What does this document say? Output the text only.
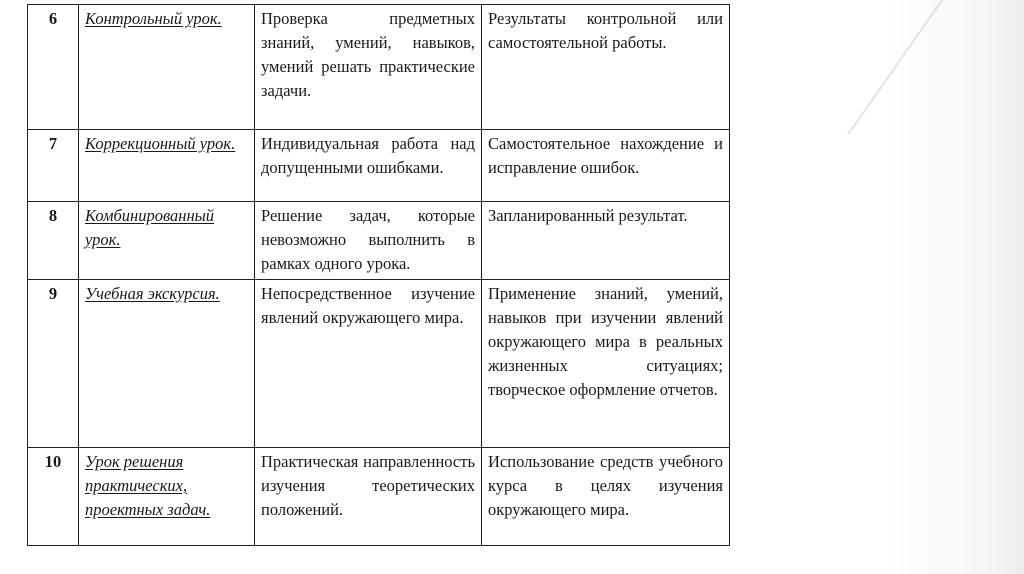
6	Контрольный урок.	Проверка предметных знаний, умений, навыков, умений решать практические задачи.	Результаты контрольной или самостоятельной работы.
7	Коррекционный урок.	Индивидуальная работа над допущенными ошибками.	Самостоятельное нахождение и исправление ошибок.
8	Комбинированный урок.	Решение задач, которые невозможно выполнить в рамках одного урока.	Запланированный результат.
9	Учебная экскурсия.	Непосредственное изучение явлений окружающего мира.	Применение знаний, умений, навыков при изучении явлений окружающего мира в реальных жизненных ситуациях; творческое оформление отчетов.
10	Урок решения практических, проектных задач.	Практическая направленность изучения теоретических положений.	Использование средств учебного курса в целях изучения окружающего мира.
